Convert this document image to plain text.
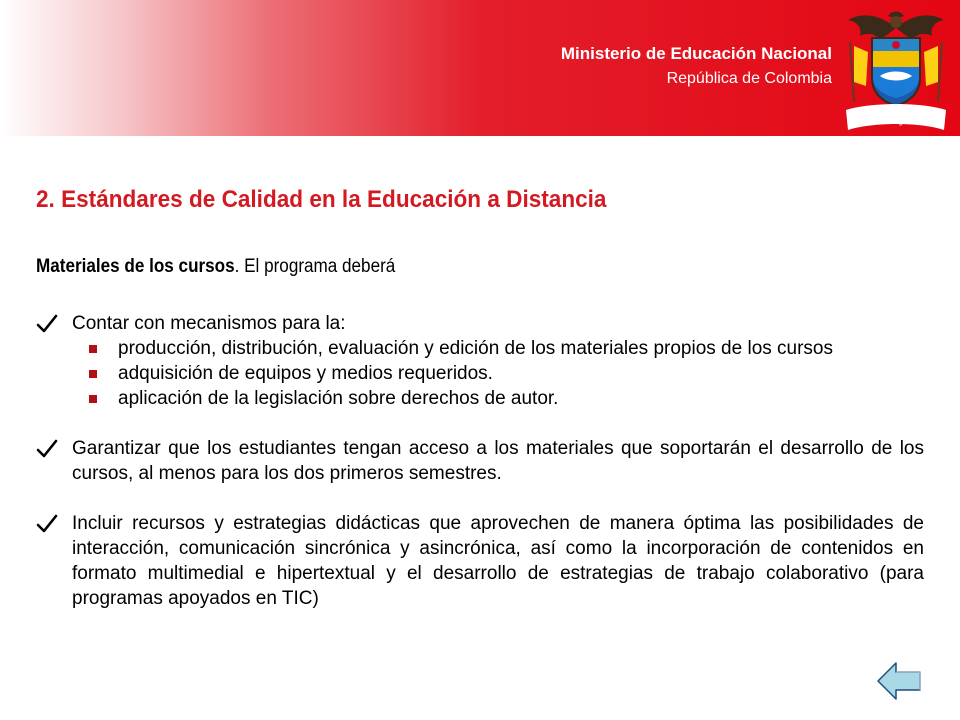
Ministerio de Educación Nacional
República de Colombia
Libertad y Orden
2. Estándares de Calidad en la Educación a Distancia

Materiales de los cursos. El programa deberá

Contar con mecanismos para la:
producción, distribución, evaluación y edición de los materiales propios de los cursos
adquisición de equipos y medios requeridos.
aplicación de la legislación sobre derechos de autor.
Garantizar que los estudiantes tengan acceso a los materiales que soportarán el desarrollo de los cursos, al menos para los dos primeros semestres.
Incluir recursos y estrategias didácticas que aprovechen de manera óptima las posibilidades de interacción, comunicación sincrónica y asincrónica, así como la incorporación de contenidos en formato multimedial e hipertextual y el desarrollo de estrategias de trabajo colaborativo (para programas apoyados en TIC)
